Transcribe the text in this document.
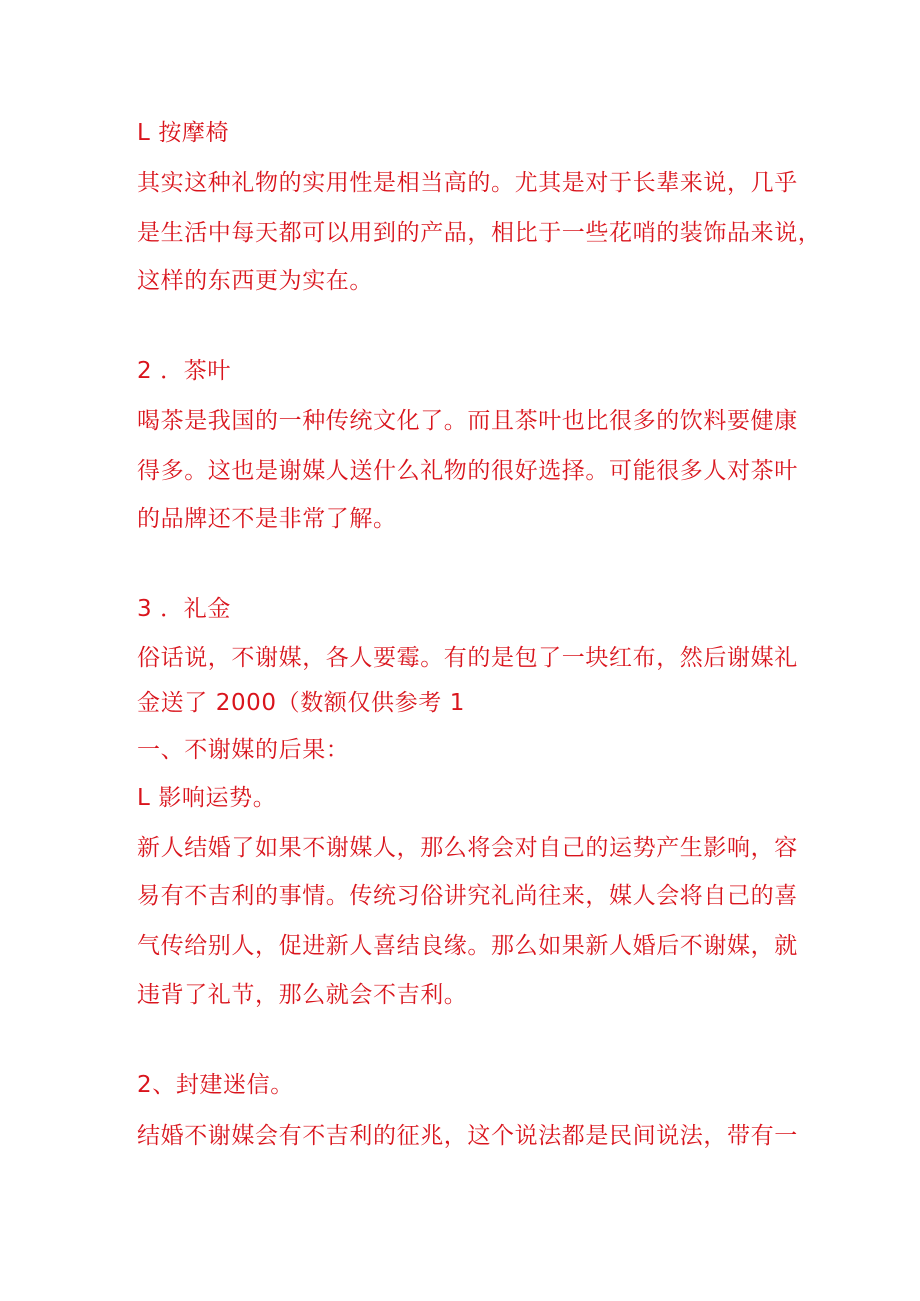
L 按摩椅
其实这种礼物的实用性是相当高的。尤其是对于长辈来说，几乎
是生活中每天都可以用到的产品，相比于一些花哨的装饰品来说，
这样的东西更为实在。
2 ．茶叶
喝茶是我国的一种传统文化了。而且茶叶也比很多的饮料要健康
得多。这也是谢媒人送什么礼物的很好选择。可能很多人对茶叶
的品牌还不是非常了解。
3 ．礼金
俗话说，不谢媒，各人要霉。有的是包了一块红布，然后谢媒礼
金送了 2000（数额仅供参考 1
一、不谢媒的后果：
L 影响运势。
新人结婚了如果不谢媒人，那么将会对自己的运势产生影响，容
易有不吉利的事情。传统习俗讲究礼尚往来，媒人会将自己的喜
气传给别人，促进新人喜结良缘。那么如果新人婚后不谢媒，就
违背了礼节，那么就会不吉利。
2、封建迷信。
结婚不谢媒会有不吉利的征兆，这个说法都是民间说法，带有一
